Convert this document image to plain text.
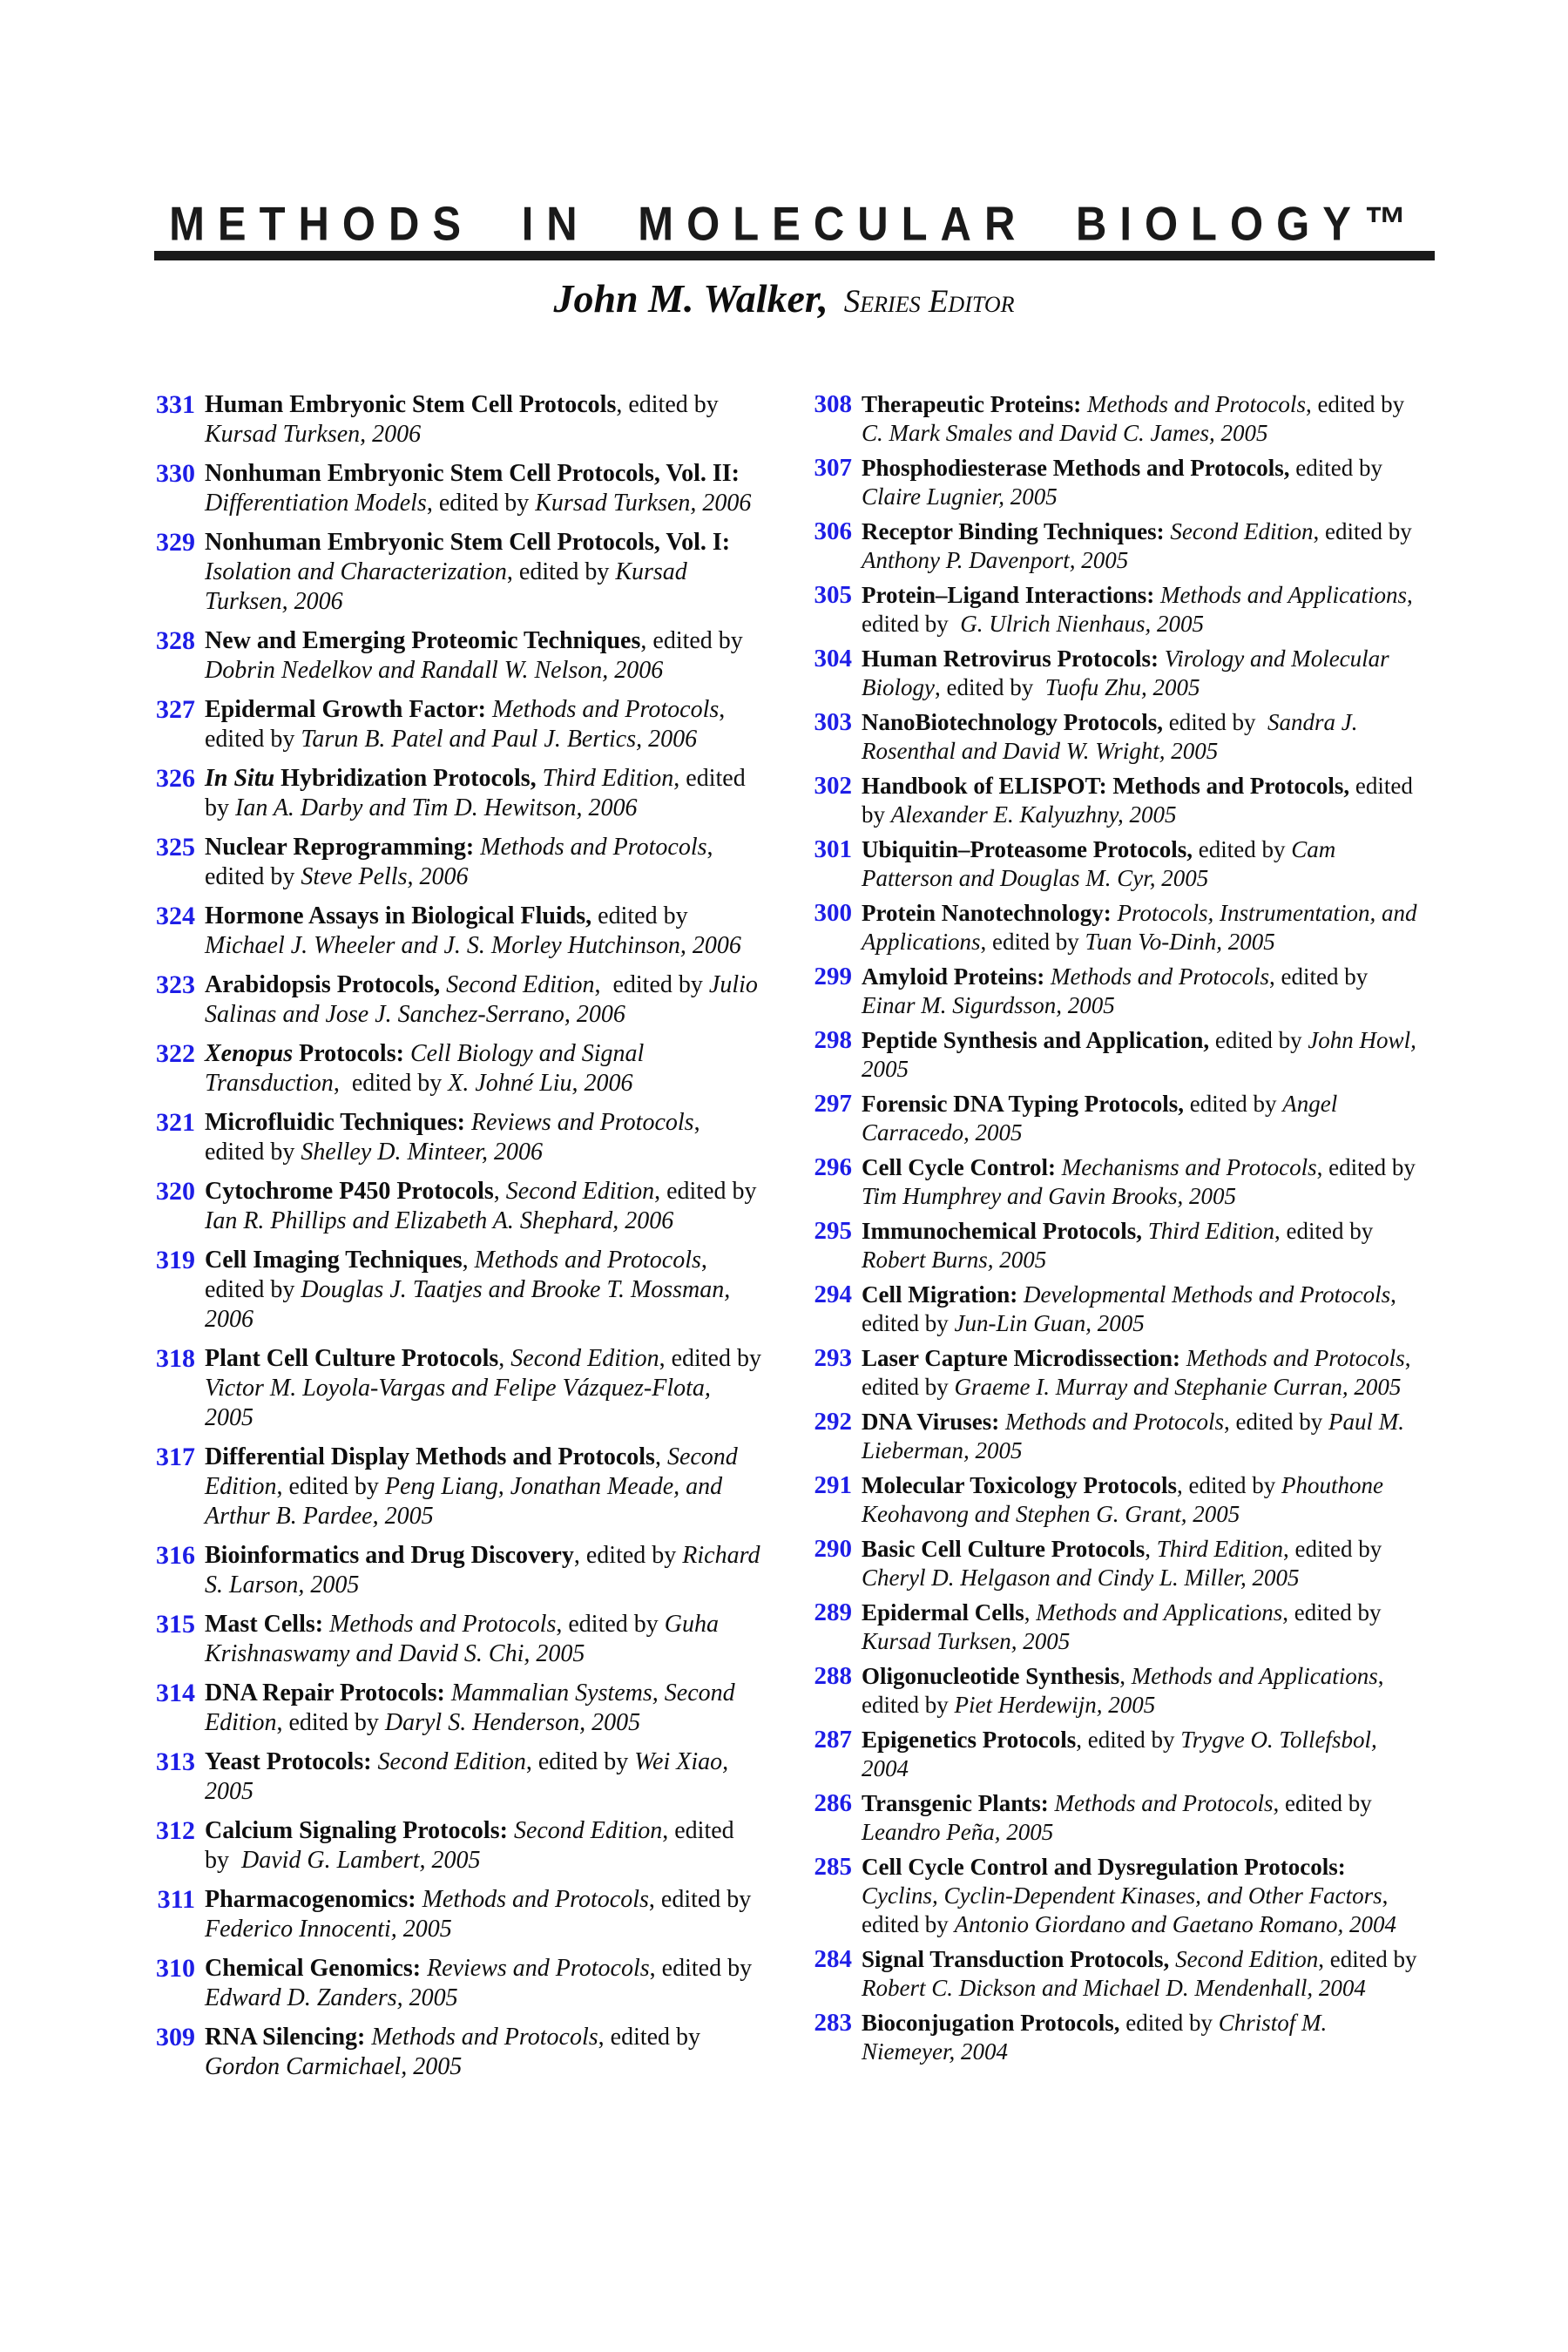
METHODS IN MOLECULAR BIOLOGY™
John M. Walker, Series Editor
331 Human Embryonic Stem Cell Protocols, edited by Kursad Turksen, 2006
330 Nonhuman Embryonic Stem Cell Protocols, Vol. II: Differentiation Models, edited by Kursad Turksen, 2006
329 Nonhuman Embryonic Stem Cell Protocols, Vol. I: Isolation and Characterization, edited by Kursad Turksen, 2006
328 New and Emerging Proteomic Techniques, edited by Dobrin Nedelkov and Randall W. Nelson, 2006
327 Epidermal Growth Factor: Methods and Protocols, edited by Tarun B. Patel and Paul J. Bertics, 2006
326 In Situ Hybridization Protocols, Third Edition, edited by Ian A. Darby and Tim D. Hewitson, 2006
325 Nuclear Reprogramming: Methods and Protocols, edited by Steve Pells, 2006
324 Hormone Assays in Biological Fluids, edited by Michael J. Wheeler and J. S. Morley Hutchinson, 2006
323 Arabidopsis Protocols, Second Edition,  edited by Julio Salinas and Jose J. Sanchez-Serrano, 2006
322 Xenopus Protocols: Cell Biology and Signal Transduction,  edited by X. Johné Liu, 2006
321 Microfluidic Techniques: Reviews and Protocols, edited by Shelley D. Minteer, 2006
320 Cytochrome P450 Protocols, Second Edition, edited by Ian R. Phillips and Elizabeth A. Shephard, 2006
319 Cell Imaging Techniques, Methods and Protocols, edited by Douglas J. Taatjes and Brooke T. Mossman, 2006
318 Plant Cell Culture Protocols, Second Edition, edited by Victor M. Loyola-Vargas and Felipe Vázquez-Flota, 2005
317 Differential Display Methods and Protocols, Second Edition, edited by Peng Liang, Jonathan Meade, and Arthur B. Pardee, 2005
316 Bioinformatics and Drug Discovery, edited by Richard S. Larson, 2005
315 Mast Cells: Methods and Protocols, edited by Guha Krishnaswamy and David S. Chi, 2005
314 DNA Repair Protocols: Mammalian Systems, Second Edition, edited by Daryl S. Henderson, 2005
313 Yeast Protocols: Second Edition, edited by Wei Xiao, 2005
312 Calcium Signaling Protocols: Second Edition, edited by  David G. Lambert, 2005
311 Pharmacogenomics: Methods and Protocols, edited by Federico Innocenti, 2005
310 Chemical Genomics: Reviews and Protocols, edited by Edward D. Zanders, 2005
309 RNA Silencing: Methods and Protocols, edited by Gordon Carmichael, 2005
308 Therapeutic Proteins: Methods and Protocols, edited by  C. Mark Smales and David C. James, 2005
307 Phosphodiesterase Methods and Protocols, edited by  Claire Lugnier, 2005
306 Receptor Binding Techniques: Second Edition, edited by  Anthony P. Davenport, 2005
305 Protein–Ligand Interactions: Methods and Applications, edited by  G. Ulrich Nienhaus, 2005
304 Human Retrovirus Protocols: Virology and Molecular Biology, edited by  Tuofu Zhu, 2005
303 NanoBiotechnology Protocols, edited by  Sandra J. Rosenthal and David W. Wright, 2005
302 Handbook of ELISPOT: Methods and Protocols, edited by Alexander E. Kalyuzhny, 2005
301 Ubiquitin–Proteasome Protocols, edited by Cam Patterson and Douglas M. Cyr, 2005
300 Protein Nanotechnology: Protocols, Instrumentation, and Applications, edited by Tuan Vo-Dinh, 2005
299 Amyloid Proteins: Methods and Protocols, edited by Einar M. Sigurdsson, 2005
298 Peptide Synthesis and Application, edited by John Howl, 2005
297 Forensic DNA Typing Protocols, edited by Angel Carracedo, 2005
296 Cell Cycle Control: Mechanisms and Protocols, edited by Tim Humphrey and Gavin Brooks, 2005
295 Immunochemical Protocols, Third Edition, edited by Robert Burns, 2005
294 Cell Migration: Developmental Methods and Protocols, edited by Jun-Lin Guan, 2005
293 Laser Capture Microdissection: Methods and Protocols, edited by Graeme I. Murray and Stephanie Curran, 2005
292 DNA Viruses: Methods and Protocols, edited by Paul M. Lieberman, 2005
291 Molecular Toxicology Protocols, edited by Phouthone Keohavong and Stephen G. Grant, 2005
290 Basic Cell Culture Protocols, Third Edition, edited by Cheryl D. Helgason and Cindy L. Miller, 2005
289 Epidermal Cells, Methods and Applications, edited by Kursad Turksen, 2005
288 Oligonucleotide Synthesis, Methods and Applications, edited by Piet Herdewijn, 2005
287 Epigenetics Protocols, edited by Trygve O. Tollefsbol, 2004
286 Transgenic Plants: Methods and Protocols, edited by Leandro Peña, 2005
285 Cell Cycle Control and Dysregulation Protocols: Cyclins, Cyclin-Dependent Kinases, and Other Factors, edited by Antonio Giordano and Gaetano Romano, 2004
284 Signal Transduction Protocols, Second Edition, edited by Robert C. Dickson and Michael D. Mendenhall, 2004
283 Bioconjugation Protocols, edited by Christof M. Niemeyer, 2004
